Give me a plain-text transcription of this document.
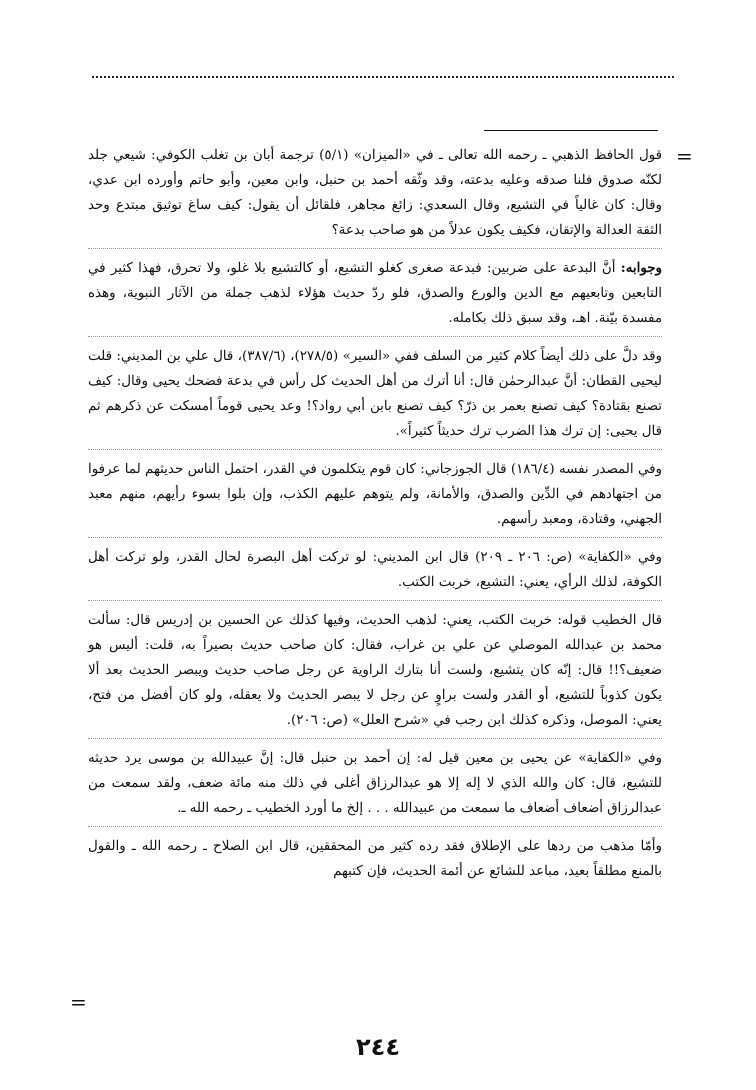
=

قول الحافظ الذهبي ـ رحمه الله تعالى ـ في «الميزان» (٥/١) ترجمة أبان بن تغلب الكوفي: شيعي جلد لكنّه صدوق فلنا صدقه وعليه بدعته، وقد وثّقه أحمد بن حنبل، وابن معين، وأبو حاتم وأورده ابن عدي، وقال: كان غالياً في التشيع، وقال السعدي: زائغ مجاهر، فلقائل أن يقول: كيف ساغ توثيق مبتدع وحد الثقة العدالة والإتقان، فكيف يكون عدلاً من هو صاحب بدعة؟

وجوابه: أنَّ البدعة على ضربين: فبدعة صغرى كغلو التشيع، أو كالتشيع بلا غلو، ولا تحرق، فهذا كثير في التابعين وتابعيهم مع الدين والورع والصدق، فلو ردّ حديث هؤلاء لذهب جملة من الآثار النبوية، وهذه مفسدة بيّنة. اهـ، وقد سبق ذلك بكامله.

وقد دلَّ على ذلك أيضاً كلام كثير من السلف ففي «السير» (٢٧٨/٥)، (٣٨٧/٦)، قال علي بن المديني: قلت ليحيى القطان: أنَّ عبدالرحمٰن قال: أنا أترك من أهل الحديث كل رأس في بدعة فضحك يحيى وقال: كيف تصنع بقتادة؟ كيف تصنع بعمر بن ذرّ؟ كيف تصنع بابن أبي رواد؟! وعد يحيى قوماً أمسكت عن ذكرهم ثم قال يحيى: إن ترك هذا الضرب ترك حديثاً كثيراً».

وفي المصدر نفسه (١٨٦/٤) قال الجوزجاني: كان قوم يتكلمون في القدر، احتمل الناس حديثهم لما عرفوا من اجتهادهم في الدِّين والصدق، والأمانة، ولم يتوهم عليهم الكذب، وإن بلوا بسوء رأيهم، منهم معبد الجهني، وقتادة، ومعبد رأسهم.

وفي «الكفاية» (ص: ٢٠٦ ـ ٢٠٩) قال ابن المديني: لو تركت أهل البصرة لحال القدر، ولو تركت أهل الكوفة، لذلك الرأي، يعني: التشيع، خربت الكتب.

قال الخطيب قوله: خربت الكتب، يعني: لذهب الحديث، وفيها كذلك عن الحسين بن إدريس قال: سألت محمد بن عبدالله الموصلي عن علي بن غراب، فقال: كان صاحب حديث بصيراً به، قلت: أليس هو ضعيف؟!! قال: إنّه كان يتشيع، ولست أنا بتارك الراوية عن رجل صاحب حديث ويبصر الحديث بعد ألا يكون كذوباً للتشيع، أو القدر ولست براوٍ عن رجل لا يبصر الحديث ولا يعقله، ولو كان أفضل من فتح، يعني: الموصل، وذكره كذلك ابن رجب في «شرح العلل» (ص: ٢٠٦).

وفي «الكفاية» عن يحيى بن معين قيل له: إن أحمد بن حنبل قال: إنَّ عبيدالله بن موسى يرد حديثه للتشيع، قال: كان والله الذي لا إله إلا هو عبدالرزاق أغلى في ذلك منه مائة ضعف، ولقد سمعت من عبدالرزاق أضعاف أضعاف ما سمعت من عبيدالله . . . إلخ ما أورد الخطيب ـ رحمه الله ـ.

وأمّا مذهب من ردها على الإطلاق فقد رده كثير من المحققين، قال ابن الصلاح ـ رحمه الله ـ والقول بالمنع مطلقاً بعيد، مباعد للشائع عن أئمة الحديث، فإن كتبهم

=
٢٤٤
